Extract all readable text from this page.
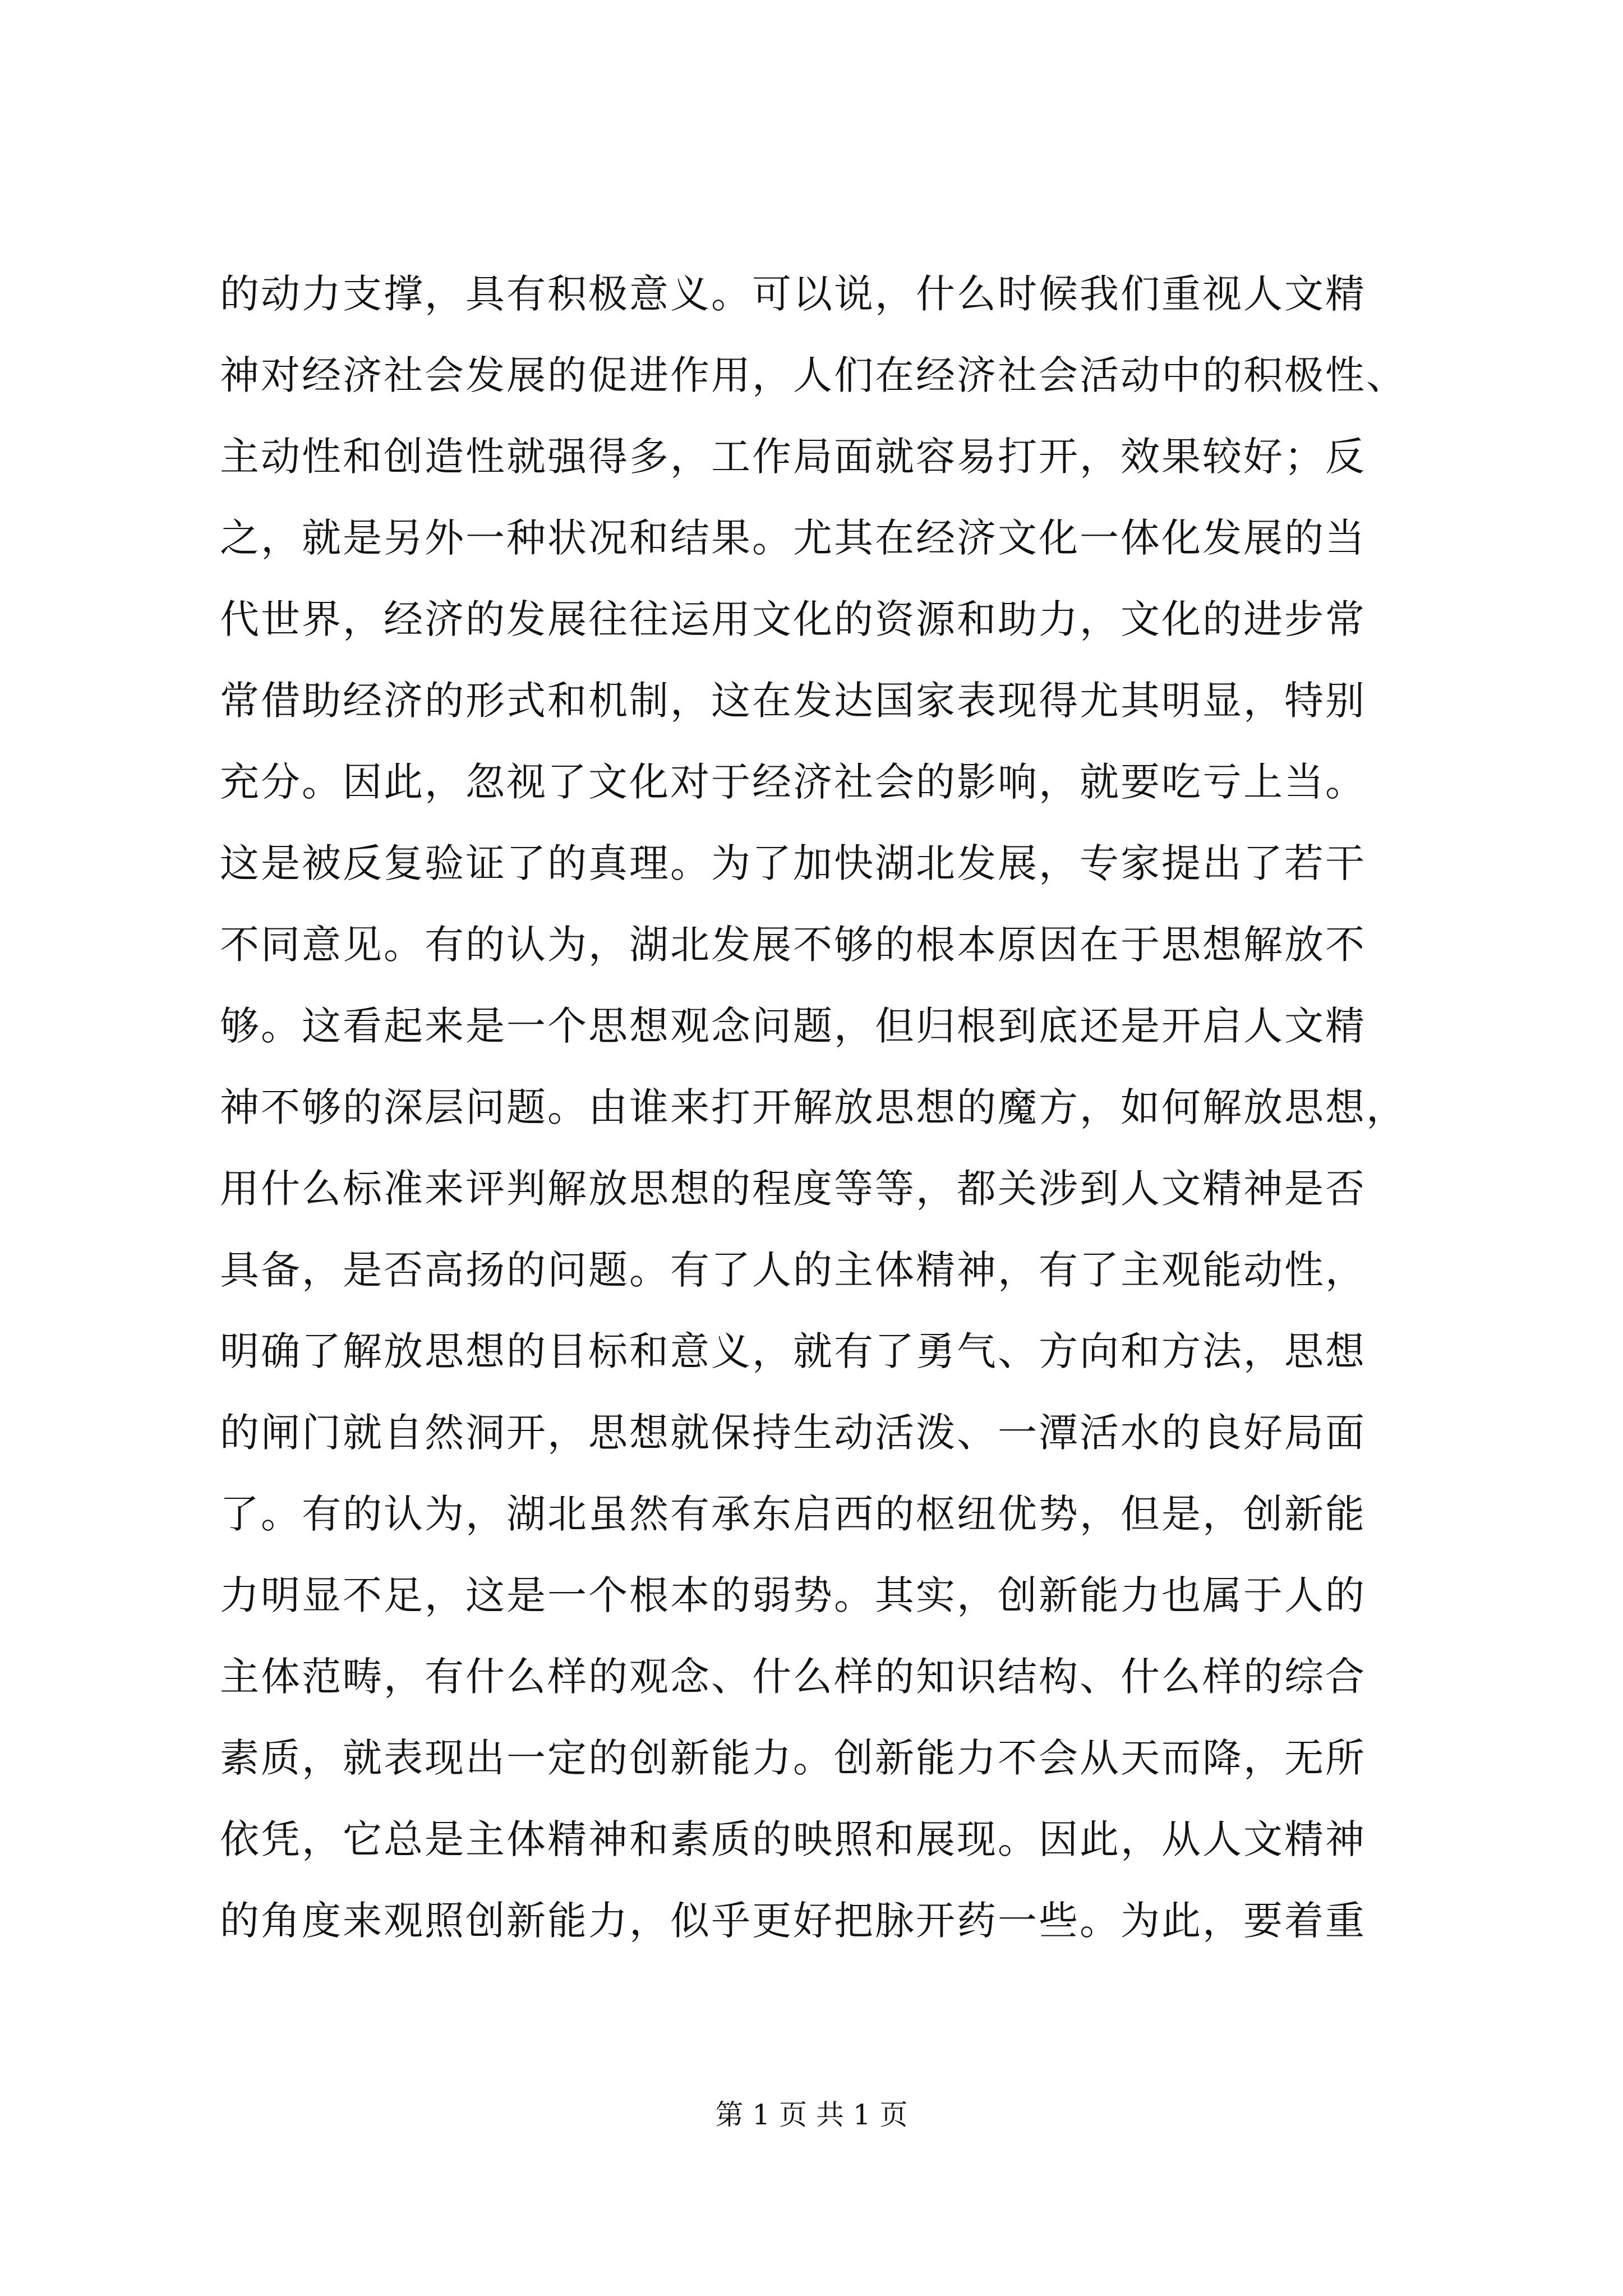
的动力支撑，具有积极意义。可以说，什么时候我们重视人文精
神对经济社会发展的促进作用，人们在经济社会活动中的积极性、
主动性和创造性就强得多，工作局面就容易打开，效果较好；反
之，就是另外一种状况和结果。尤其在经济文化一体化发展的当
代世界，经济的发展往往运用文化的资源和助力，文化的进步常
常借助经济的形式和机制，这在发达国家表现得尤其明显，特别
充分。因此，忽视了文化对于经济社会的影响，就要吃亏上当。
这是被反复验证了的真理。为了加快湖北发展，专家提出了若干
不同意见。有的认为，湖北发展不够的根本原因在于思想解放不
够。这看起来是一个思想观念问题，但归根到底还是开启人文精
神不够的深层问题。由谁来打开解放思想的魔方，如何解放思想，
用什么标准来评判解放思想的程度等等，都关涉到人文精神是否
具备，是否高扬的问题。有了人的主体精神，有了主观能动性，
明确了解放思想的目标和意义，就有了勇气、方向和方法，思想
的闸门就自然洞开，思想就保持生动活泼、一潭活水的良好局面
了。有的认为，湖北虽然有承东启西的枢纽优势，但是，创新能
力明显不足，这是一个根本的弱势。其实，创新能力也属于人的
主体范畴，有什么样的观念、什么样的知识结构、什么样的综合
素质，就表现出一定的创新能力。创新能力不会从天而降，无所
依凭，它总是主体精神和素质的映照和展现。因此，从人文精神
的角度来观照创新能力，似乎更好把脉开药一些。为此，要着重
第 1 页 共 1 页
